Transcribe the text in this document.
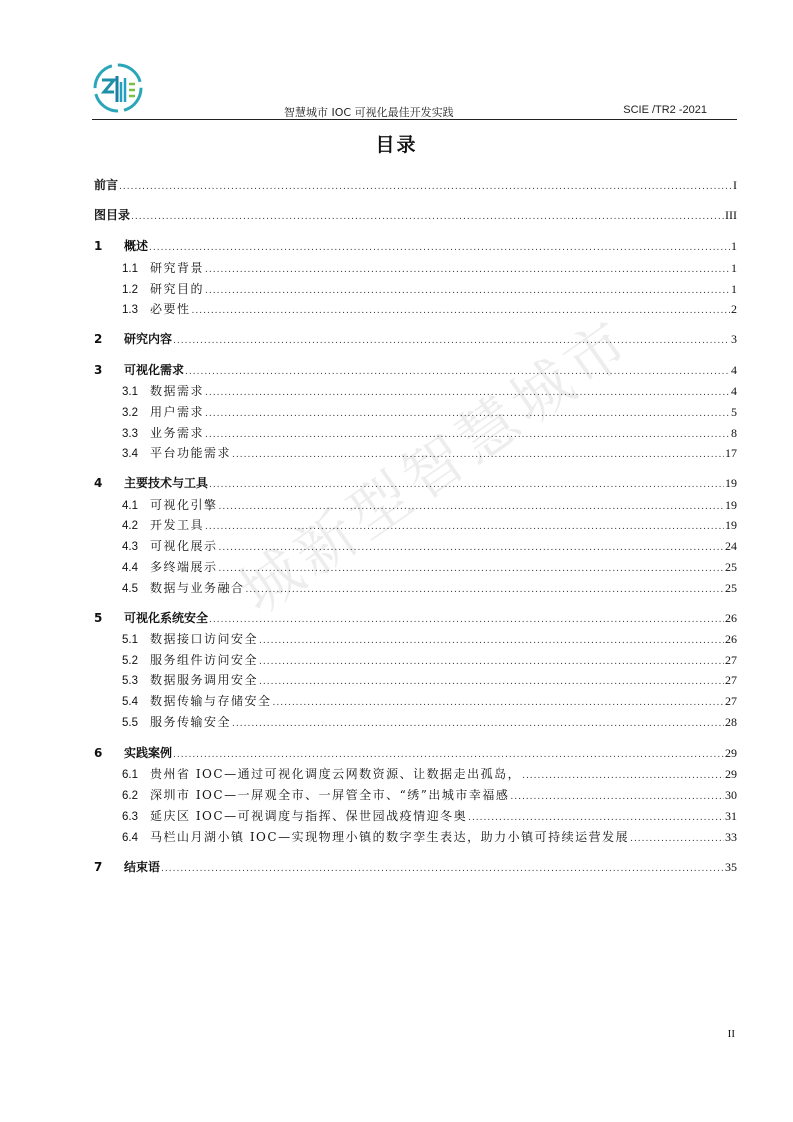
智慧城市 IOC 可视化最佳开发实践	SCIE /TR2 -2021
目录
城新型智慧城市
前言 .....	I
图目录 .....	III
1	概述 .....	1
1.1	研究背景 .....	1
1.2	研究目的 .....	1
1.3	必要性 .....	2
2	研究内容 .....	3
3	可视化需求 .....	4
3.1	数据需求 .....	4
3.2	用户需求 .....	5
3.3	业务需求 .....	8
3.4	平台功能需求 .....	17
4	主要技术与工具 .....	19
4.1	可视化引擎 .....	19
4.2	开发工具 .....	19
4.3	可视化展示 .....	24
4.4	多终端展示 .....	25
4.5	数据与业务融合 .....	25
5	可视化系统安全 .....	26
5.1	数据接口访问安全 .....	26
5.2	服务组件访问安全 .....	27
5.3	数据服务调用安全 .....	27
5.4	数据传输与存储安全 .....	27
5.5	服务传输安全 .....	28
6	实践案例 .....	29
6.1	贵州省 IOC—通过可视化调度云网数资源、让数据走出孤岛， .....	29
6.2	深圳市 IOC—一屏观全市、一屏管全市、“绣”出城市幸福感 .....	30
6.3	延庆区 IOC—可视调度与指挥、保世园战疫情迎冬奥 .....	31
6.4	马栏山月湖小镇 IOC—实现物理小镇的数字孪生表达，助力小镇可持续运营发展 .....	33
7	结束语 .....	35
II
